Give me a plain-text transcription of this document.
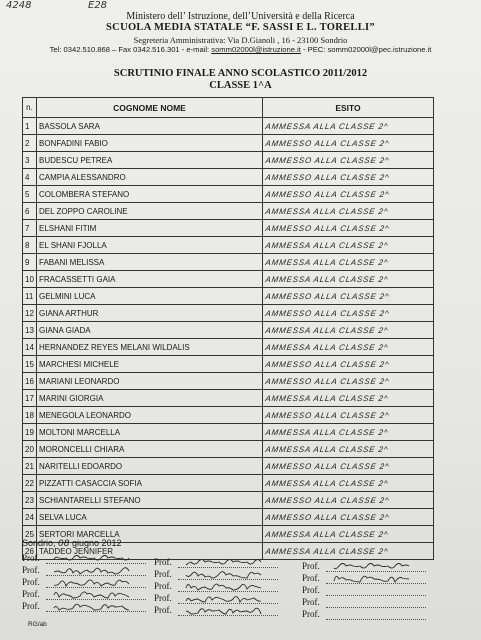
4248	E28
Ministero dell’ Istruzione, dell’Università e della Ricerca
SCUOLA MEDIA STATALE “F. SASSI E L. TORELLI”
Segreteria Amministrativa: Via D.Gianoli , 16 - 23100 Sondrio
Tel: 0342.510.868 – Fax 0342.516.301 - e-mail: somm02000l@istruzione.it - PEC: somm02000l@pec.istruzione.it
SCRUTINIO FINALE ANNO SCOLASTICO 2011/2012
CLASSE 1^A
n.	COGNOME NOME	ESITO
1	BASSOLA SARA	AMMESSA ALLA CLASSE 2^
2	BONFADINI FABIO	AMMESSO ALLA CLASSE 2^
3	BUDESCU PETREA	AMMESSO ALLA CLASSE 2^
4	CAMPIA ALESSANDRO	AMMESSO ALLA CLASSE 2^
5	COLOMBERA STEFANO	AMMESSO ALLA CLASSE 2^
6	DEL ZOPPO CAROLINE	AMMESSA ALLA CLASSE 2^
7	ELSHANI FITIM	AMMESSO ALLA CLASSE 2^
8	EL SHANI FJOLLA	AMMESSA ALLA CLASSE 2^
9	FABANI MELISSA	AMMESSA ALLA CLASSE 2^
10	FRACASSETTI GAIA	AMMESSA ALLA CLASSE 2^
11	GELMINI LUCA	AMMESSO ALLA CLASSE 2^
12	GIANA ARTHUR	AMMESSO ALLA CLASSE 2^
13	GIANA GIADA	AMMESSA ALLA CLASSE 2^
14	HERNANDEZ REYES MELANI WILDALIS	AMMESSA ALLA CLASSE 2^
15	MARCHESI MICHELE	AMMESSO ALLA CLASSE 2^
16	MARIANI LEONARDO	AMMESSO ALLA CLASSE 2^
17	MARINI GIORGIA	AMMESSA ALLA CLASSE 2^
18	MENEGOLA LEONARDO	AMMESSO ALLA CLASSE 2^
19	MOLTONI MARCELLA	AMMESSA ALLA CLASSE 2^
20	MORONCELLI CHIARA	AMMESSA ALLA CLASSE 2^
21	NARITELLI EDOARDO	AMMESSO ALLA CLASSE 2^
22	PIZZATTI CASACCIA SOFIA	AMMESSA ALLA CLASSE 2^
23	SCHIANTARELLI STEFANO	AMMESSO ALLA CLASSE 2^
24	SELVA LUCA	AMMESSO ALLA CLASSE 2^
25	SERTORI MARCELLA	AMMESSA ALLA CLASSE 2^
26	TADDEO JENNIFER	AMMESSA ALLA CLASSE 2^
Sondrio, 08 giugno 2012
Prof.
Prof.
Prof.
Prof.
Prof.
Prof.
Prof.
Prof.
Prof.
Prof.
Prof.
Prof.
Prof.
Prof.
Prof.
RG/ab
